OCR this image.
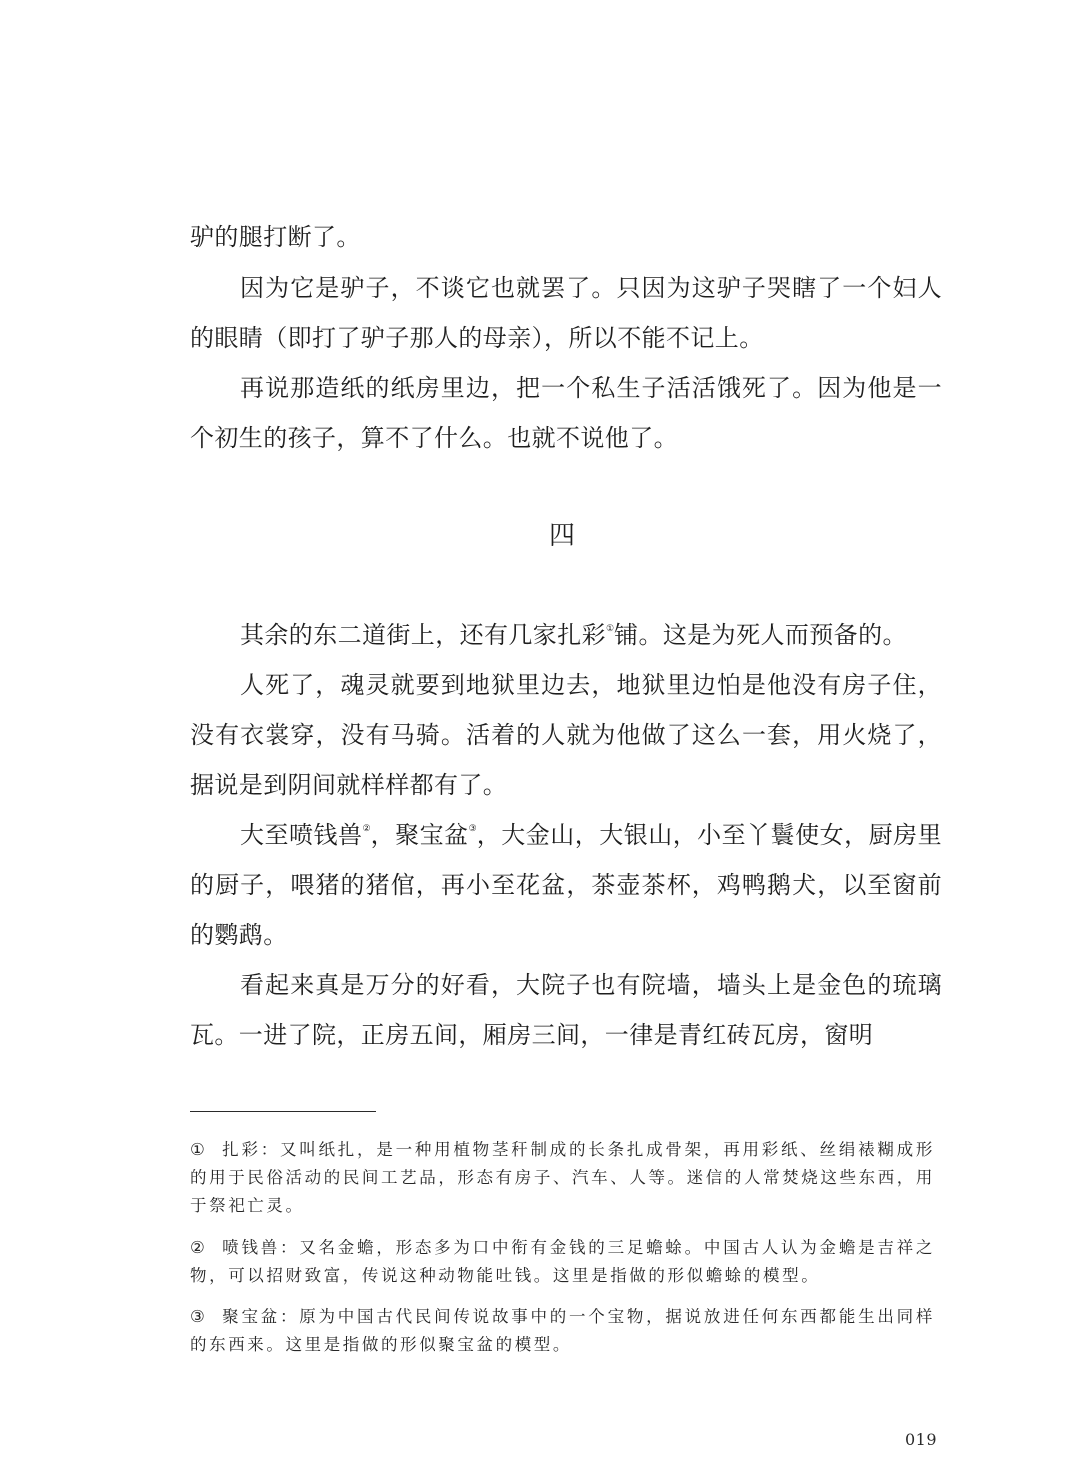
驴的腿打断了。

因为它是驴子，不谈它也就罢了。只因为这驴子哭瞎了一个妇人的眼睛（即打了驴子那人的母亲），所以不能不记上。

再说那造纸的纸房里边，把一个私生子活活饿死了。因为他是一个初生的孩子，算不了什么。也就不说他了。

四

其余的东二道街上，还有几家扎彩①铺。这是为死人而预备的。

人死了，魂灵就要到地狱里边去，地狱里边怕是他没有房子住，没有衣裳穿，没有马骑。活着的人就为他做了这么一套，用火烧了，据说是到阴间就样样都有了。

大至喷钱兽②，聚宝盆③，大金山，大银山，小至丫鬟使女，厨房里的厨子，喂猪的猪倌，再小至花盆，茶壶茶杯，鸡鸭鹅犬，以至窗前的鹦鹉。

看起来真是万分的好看，大院子也有院墙，墙头上是金色的琉璃瓦。一进了院，正房五间，厢房三间，一律是青红砖瓦房，窗明

① 扎彩：又叫纸扎，是一种用植物茎秆制成的长条扎成骨架，再用彩纸、丝绢裱糊成形的用于民俗活动的民间工艺品，形态有房子、汽车、人等。迷信的人常焚烧这些东西，用于祭祀亡灵。

② 喷钱兽：又名金蟾，形态多为口中衔有金钱的三足蟾蜍。中国古人认为金蟾是吉祥之物，可以招财致富，传说这种动物能吐钱。这里是指做的形似蟾蜍的模型。

③ 聚宝盆：原为中国古代民间传说故事中的一个宝物，据说放进任何东西都能生出同样的东西来。这里是指做的形似聚宝盆的模型。

019
